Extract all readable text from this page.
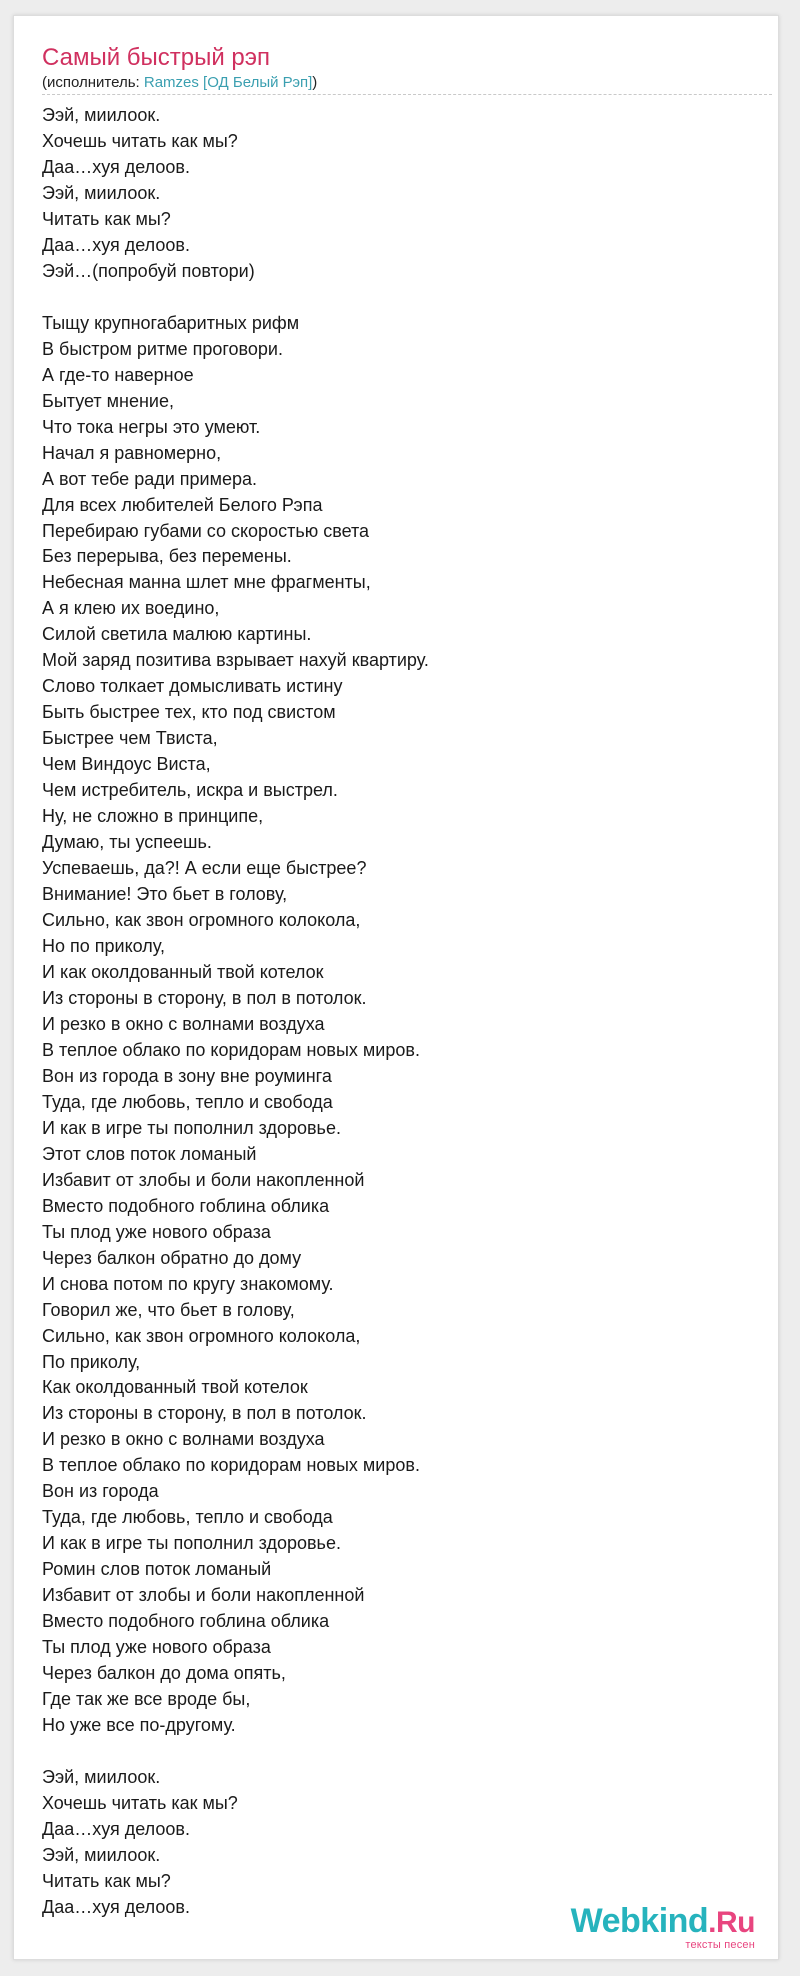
Самый быстрый рэп
(исполнитель: Ramzes [ОД Белый Рэп])
Ээй, миилоок.
Хочешь читать как мы?
Даа…хуя делоов.
Ээй, миилоок.
Читать как мы?
Даа…хуя делоов.
Ээй…(попробуй повтори)
Тыщу крупногабаритных рифм
В быстром ритме проговори.
А где-то наверное
Бытует мнение,
Что тока негры это умеют.
Начал я равномерно,
А вот тебе ради примера.
Для всех любителей Белого Рэпа
Перебираю губами со скоростью света
Без перерыва, без перемены.
Небесная манна шлет мне фрагменты,
А я клею их воедино,
Силой светила малюю картины.
Мой заряд позитива взрывает нахуй квартиру.
Слово толкает домысливать истину
Быть быстрее тех, кто под свистом
Быстрее чем Твиста,
Чем Виндоус Виста,
Чем истребитель, искра и выстрел.
Ну, не сложно в принципе,
Думаю, ты успеешь.
Успеваешь, да?! А если еще быстрее?
Внимание! Это бьет в голову,
Сильно, как звон огромного колокола,
Но по приколу,
И как околдованный твой котелок
Из стороны в сторону, в пол в потолок.
И резко в окно с волнами воздуха
В теплое облако по коридорам новых миров.
Вон из города в зону вне роуминга
Туда, где любовь, тепло и свобода
И как в игре ты пополнил здоровье.
Этот слов поток ломаный
Избавит от злобы и боли накопленной
Вместо подобного гоблина облика
Ты плод уже нового образа
Через балкон обратно до дому
И снова потом по кругу знакомому.
Говорил же, что бьет в голову,
Сильно, как звон огромного колокола,
По приколу,
Как околдованный твой котелок
Из стороны в сторону, в пол в потолок.
И резко в окно с волнами воздуха
В теплое облако по коридорам новых миров.
Вон из города
Туда, где любовь, тепло и свобода
И как в игре ты пополнил здоровье.
Ромин слов поток ломаный
Избавит от злобы и боли накопленной
Вместо подобного гоблина облика
Ты плод уже нового образа
Через балкон до дома опять,
Где так же все вроде бы,
Но уже все по-другому.
Ээй, миилоок.
Хочешь читать как мы?
Даа…хуя делоов.
Ээй, миилоок.
Читать как мы?
Даа…хуя делоов.	Webkind.Ru
тексты песен
